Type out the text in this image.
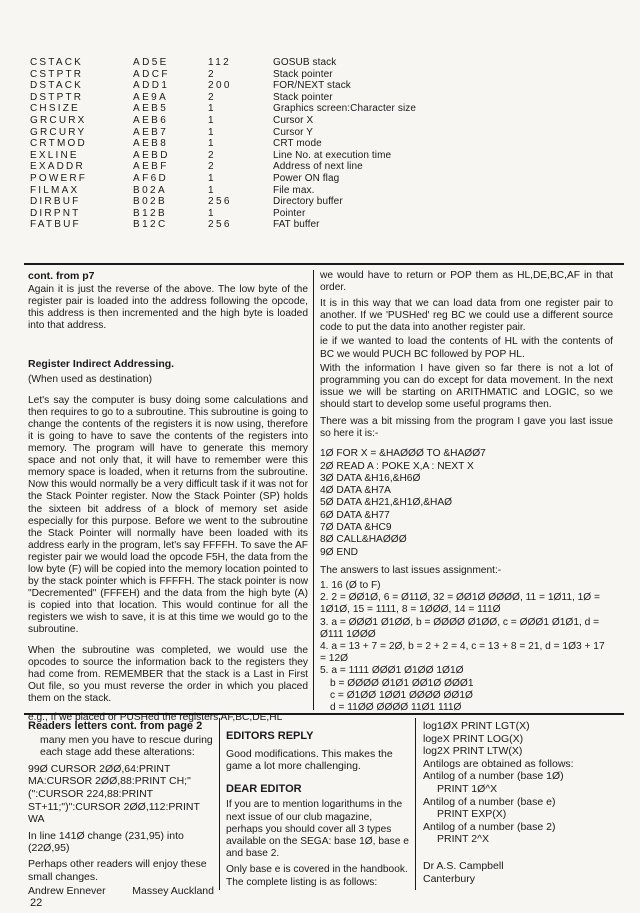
CSTACK	AD5E	112	GOSUB stack
CSTPTR	ADCF	2	Stack pointer
DSTACK	ADD1	200	FOR/NEXT stack
DSTPTR	AE9A	2	Stack pointer
CHSIZE	AEB5	1	Graphics screen:Character size
GRCURX	AEB6	1	Cursor X
GRCURY	AEB7	1	Cursor Y
CRTMOD	AEB8	1	CRT mode
EXLINE	AEBD	2	Line No. at execution time
EXADDR	AEBF	2	Address of next line
POWERF	AF6D	1	Power ON flag
FILMAX	B02A	1	File max.
DIRBUF	B02B	256	Directory buffer
DIRPNT	B12B	1	Pointer
FATBUF	B12C	256	FAT buffer

cont. from p7

Again it is just the reverse of the above. The low byte of the register pair is loaded into the address following the opcode, this address is then incremented and the high byte is loaded into that address.

Register Indirect Addressing.

(When used as destination)

Let's say the computer is busy doing some calculations and then requires to go to a subroutine. This subroutine is going to change the contents of the registers it is now using, therefore it is going to have to save the contents of the registers into memory. The program will have to generate this memory space and not only that, it will have to remember were this memory space is loaded, when it returns from the subroutine. Now this would normally be a very difficult task if it was not for the Stack Pointer register. Now the Stack Pointer (SP) holds the sixteen bit address of a block of memory set aside especially for this purpose. Before we went to the subroutine the Stack Pointer will normally have been loaded with its address early in the program, let's say FFFFH. To save the AF register pair we would load the opcode F5H, the data from the low byte (F) will be copied into the memory location pointed to by the stack pointer which is FFFFH. The stack pointer is now "Decremented" (FFFEH) and the data from the high byte (A) is copied into that location. This would continue for all the registers we wish to save, it is at this time we would go to the subroutine.

When the subroutine was completed, we would use the opcodes to source the information back to the registers they had come from. REMEMBER that the stack is a Last in First Out file, so you must reverse the order in which you placed them on the stack.

e.g., If we placed or PUSHed the registers AF,BC,DE,HL

we would have to return or POP them as HL,DE,BC,AF in that order.

It is in this way that we can load data from one register pair to another. If we 'PUSHed' reg BC we could use a different source code to put the data into another register pair.

ie if we wanted to load the contents of HL with the contents of BC we would PUCH BC followed by POP HL.

With the information I have given so far there is not a lot of programming you can do except for data movement. In the next issue we will be starting on ARITHMATIC and LOGIC, so we should start to develop some useful programs then.

There was a bit missing from the program I gave you last issue so here it is:-

1Ø FOR X = &HAØØØ TO &HAØØ7
2Ø READ A : POKE X,A : NEXT X
3Ø DATA &H16,&H6Ø
4Ø DATA &H7A
5Ø DATA &H21,&H1Ø,&HAØ
6Ø DATA &H77
7Ø DATA &HC9
8Ø CALL&HAØØØ
9Ø END

The answers to last issues assignment:-

1. 16 (Ø to F)
2. 2 = ØØ1Ø, 6 = Ø11Ø, 32 = ØØ1Ø ØØØØ, 11 = 1Ø11, 1Ø = 1Ø1Ø, 15 = 1111, 8 = 1ØØØ, 14 = 111Ø
3. a = ØØØ1 Ø1ØØ, b = ØØØØ Ø1ØØ, c = ØØØ1 Ø1Ø1, d = Ø111 1ØØØ
4. a = 13 + 7 = 2Ø, b = 2 + 2 = 4, c = 13 + 8 = 21, d = 1Ø3 + 17 = 12Ø
5. a = 1111 ØØØ1 Ø1ØØ 1Ø1Ø
b = ØØØØ Ø1Ø1 ØØ1Ø ØØØ1
c = Ø1ØØ 1ØØ1 ØØØØ ØØ1Ø
d = 11ØØ ØØØØ 11Ø1 111Ø
Readers letters cont. from page 2

many men you have to rescue during each stage add these alterations:

99Ø CURSOR 2ØØ,64:PRINT MA:CURSOR 2ØØ,88:PRINT CH;" (":CURSOR 224,88:PRINT ST+11;")":CURSOR 2ØØ,112:PRINT WA

In line 141Ø change (231,95) into (22Ø,95)

Perhaps other readers will enjoy these small changes.

Andrew Ennever	Massey Auckland
EDITORS REPLY

Good modifications. This makes the game a lot more challenging.

DEAR EDITOR

If you are to mention logarithums in the next issue of our club magazine, perhaps you should cover all 3 types available on the SEGA: base 1Ø, base e and base 2.

Only base e is covered in the handbook. The complete listing is as follows:

log1ØX PRINT LGT(X)
logeX PRINT LOG(X)
log2X PRINT LTW(X)
Antilogs are obtained as follows:
Antilog of a number (base 1Ø)
PRINT 1Ø^X
Antilog of a number (base e)
PRINT EXP(X)
Antilog of a number (base 2)
PRINT 2^X
Dr A.S. Campbell
Canterbury
22
